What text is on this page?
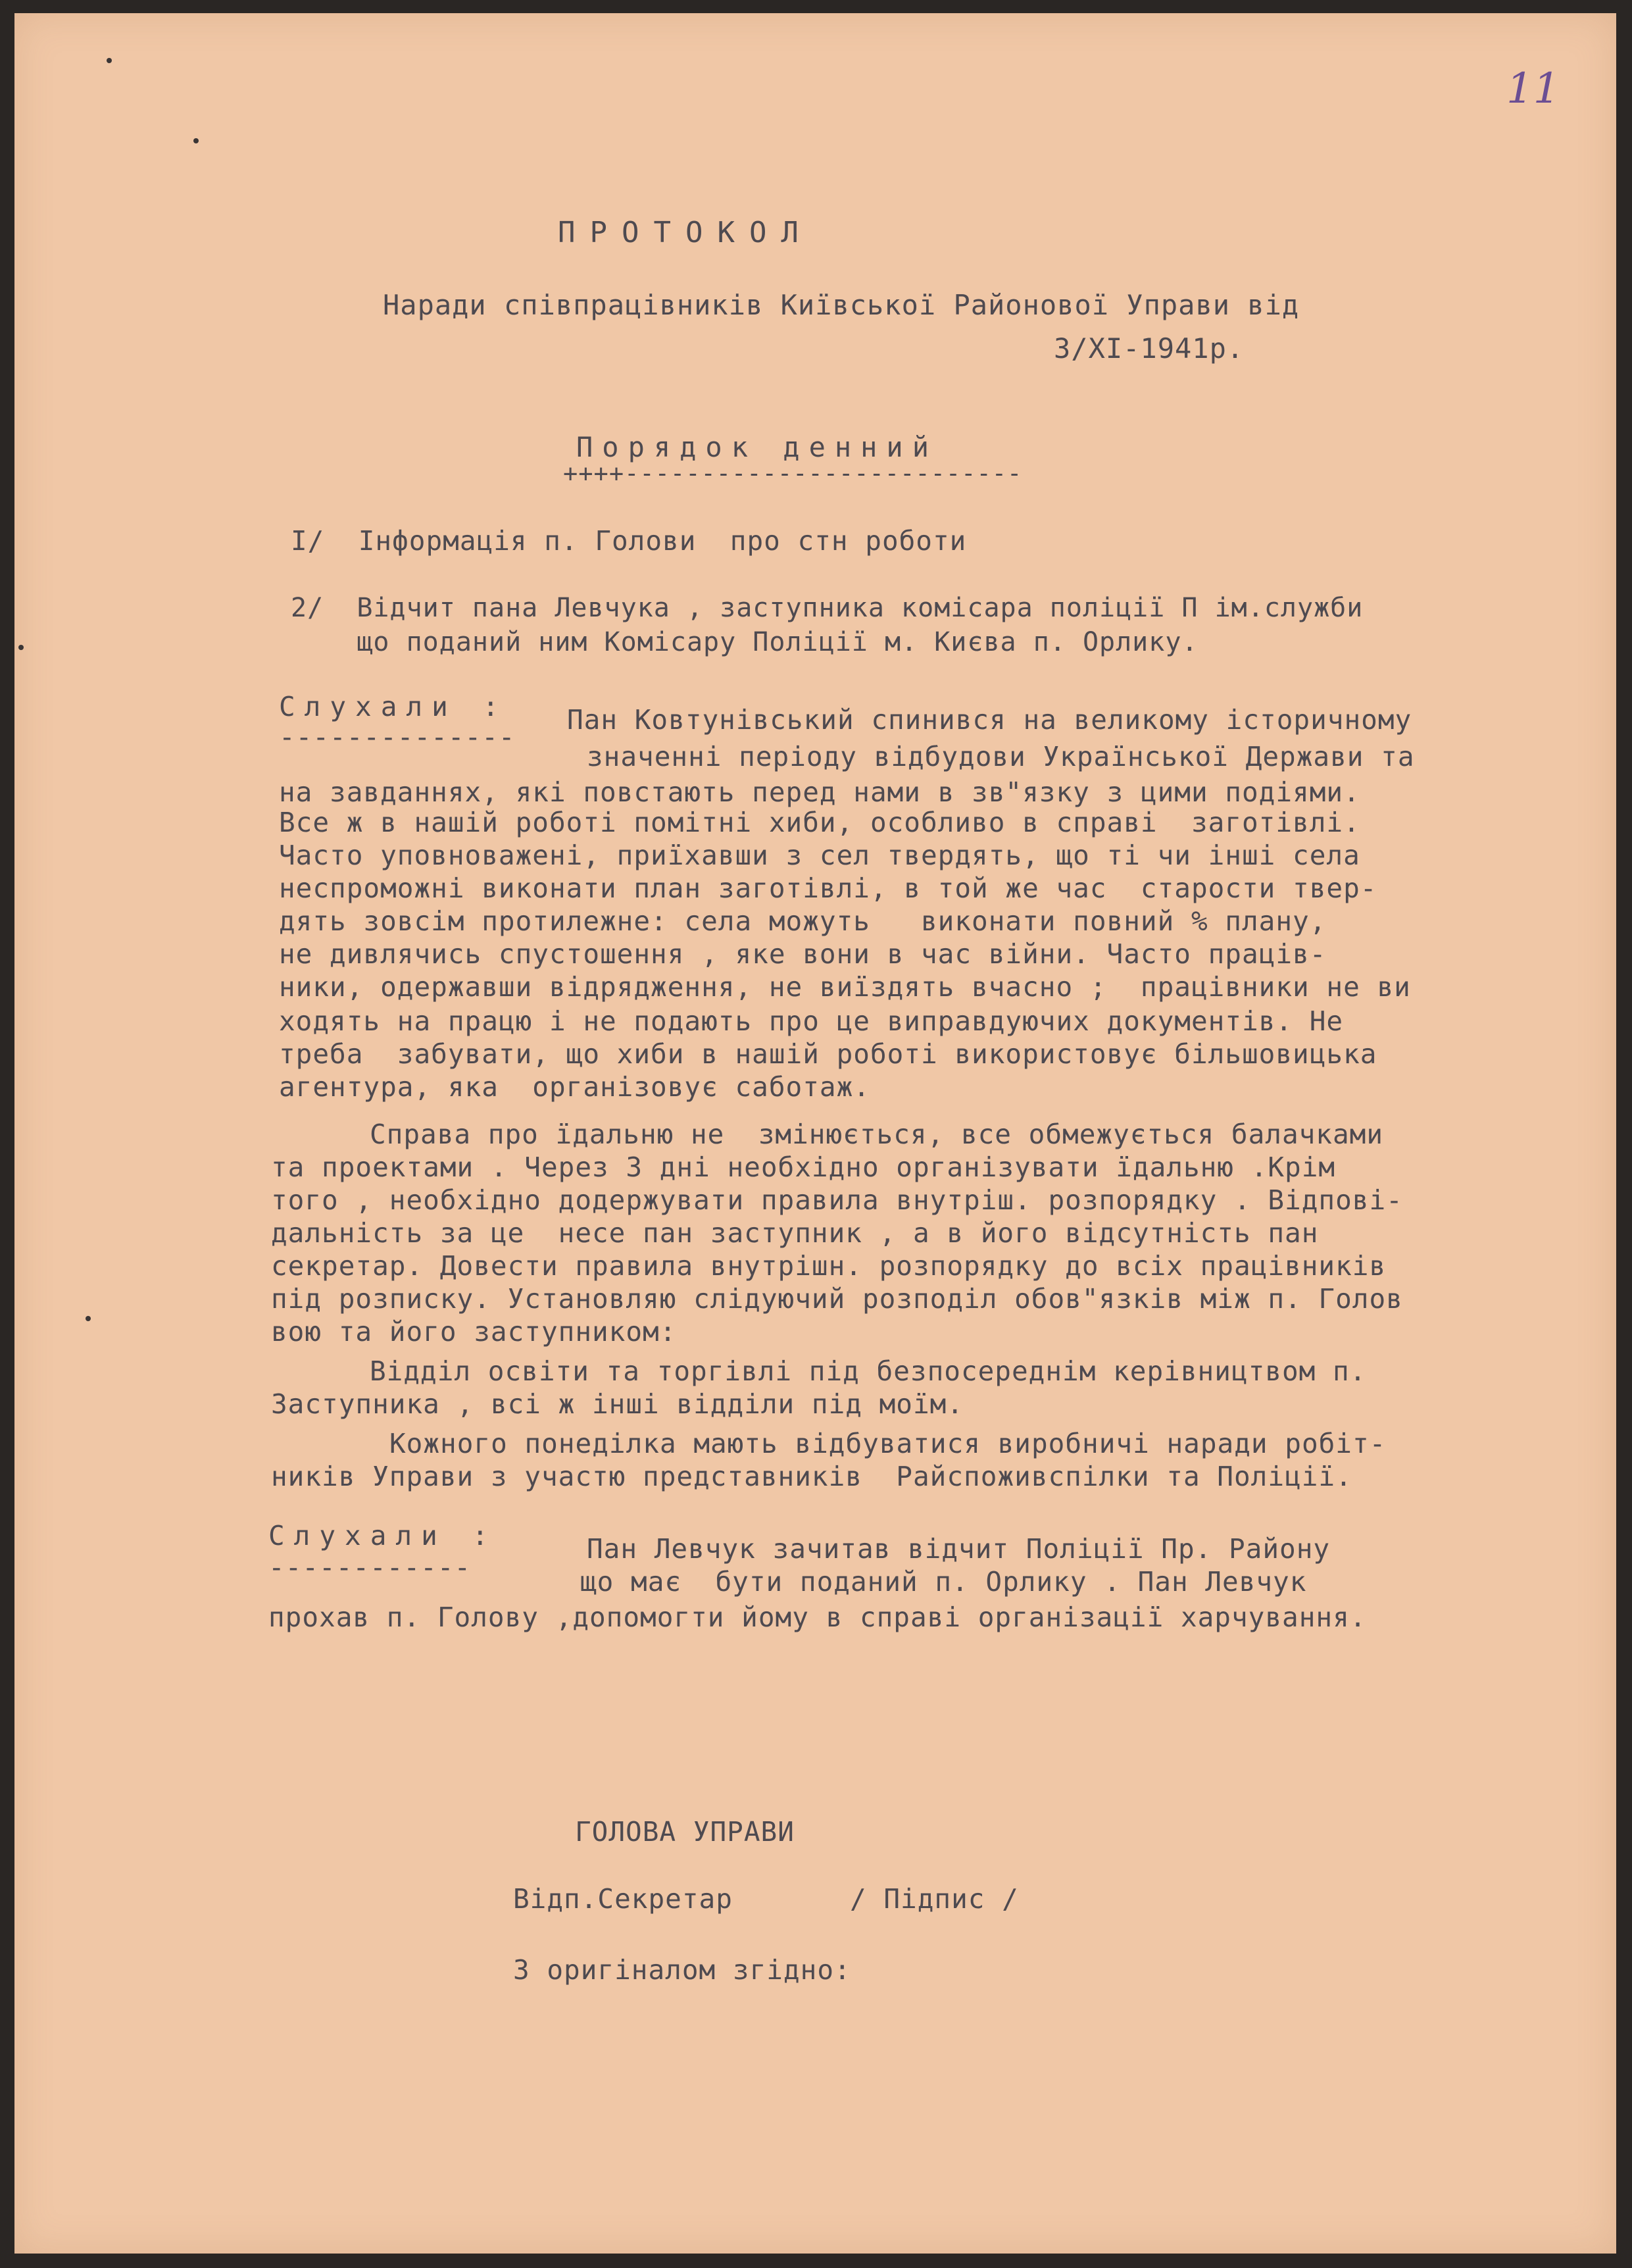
11
ПРОТОКОЛ
Наради співпрацівників Київської Районової Управи від
3/XI-1941р.
Порядок денний
++++--------------------------
І/  Інформація п. Голови  про стн роботи
2/  Відчит пана Левчука , заступника комісара поліції П ім.служби
що поданий ним Комісару Поліції м. Києва п. Орлику.
Слухали :
--------------
Пан Ковтунівський спинився на великому історичному
значенні періоду відбудови Української Держави та
на завданнях, які повстають перед нами в зв"язку з цими подіями.
Все ж в нашій роботі помітні хиби, особливо в справі  заготівлі.
Часто уповноважені, приїхавши з сел твердять, що ті чи інші села
неспроможні виконати план заготівлі, в той же час  старости твер-
дять зовсім протилежне: села можуть   виконати повний % плану,
не дивлячись спустошення , яке вони в час війни. Часто праців-
ники, одержавши відрядження, не виїздять вчасно ;  працівники не ви
ходять на працю і не подають про це виправдуючих документів. Не
треба  забувати, що хиби в нашій роботі використовує більшовицька
агентура, яка  організовує саботаж.
Справа про їдальню не  змінюється, все обмежується балачками
та проектами . Через 3 дні необхідно організувати їдальню .Крім
того , необхідно додержувати правила внутріш. розпорядку . Відпові-
дальність за це  несе пан заступник , а в його відсутність пан
секретар. Довести правила внутрішн. розпорядку до всіх працівників
під розписку. Установляю слідуючий розподіл обов"язків між п. Голов
вою та його заступником:
Відділ освіти та торгівлі під безпосереднім керівництвом п.
Заступника , всі ж інші відділи під моїм.
Кожного понеділка мають відбуватися виробничі наради робіт-
ників Управи з участю представників  Райспоживспілки та Поліції.
Слухали :
------------
Пан Левчук зачитав відчит Поліції Пр. Району
що має  бути поданий п. Орлику . Пан Левчук
прохав п. Голову ,допомогти йому в справі організації харчування.
ГОЛОВА УПРАВИ
Відп.Секретар	/ Підпис /
З оригіналом згідно:
